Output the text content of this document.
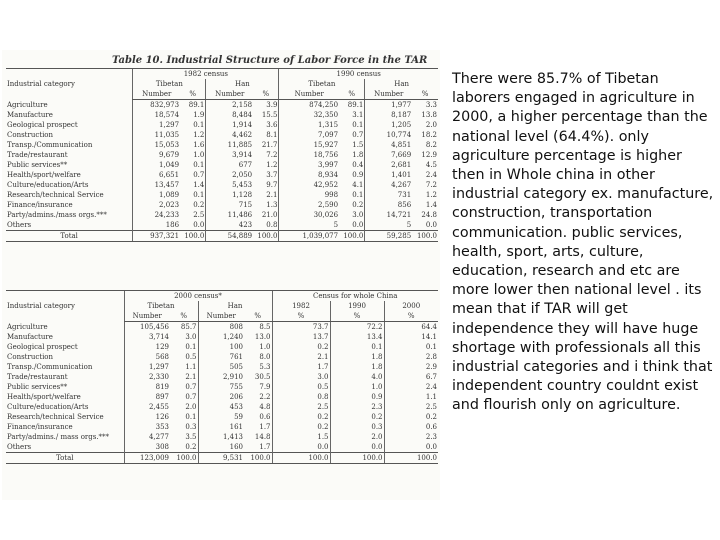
Table 10. Industrial Structure of Labor Force in the TAR
Industrial category	1982 census				1990 census			
	Tibetan		Han		Tibetan		Han	
	Number	%	Number	%	Number	%	Number	%
Agriculture	832,973	89.1	2,158	3.9	874,250	89.1	1,977	3.3
Manufacture	18,574	1.9	8,484	15.5	32,350	3.1	8,187	13.8
Geological prospect	1,297	0.1	1,914	3.6	1,315	0.1	1,205	2.0
Construction	11,035	1.2	4,462	8.1	7,097	0.7	10,774	18.2
Transp./Communication	15,053	1.6	11,885	21.7	15,927	1.5	4,851	8.2
Trade/restaurant	9,679	1.0	3,914	7.2	18,756	1.8	7,669	12.9
Public services**	1,049	0.1	677	1.2	3,997	0.4	2,681	4.5
Health/sport/welfare	6,651	0.7	2,050	3.7	8,934	0.9	1,401	2.4
Culture/education/Arts	13,457	1.4	5,453	9.7	42,952	4.1	4,267	7.2
Research/technical Service	1,089	0.1	1,128	2.1	998	0.1	731	1.2
Finance/insurance	2,023	0.2	715	1.3	2,590	0.2	856	1.4
Party/admins./mass orgs.***	24,233	2.5	11,486	21.0	30,026	3.0	14,721	24.8
Others	186	0.0	423	0.8	5	0.0	5	0.0
Total	937,321	100.0	54,889	100.0	1,039,077	100.0	59,285	100.0
Industrial category	2000 census*				Census for whole China		
	Tibetan		Han		1982	1990	2000
	Number	%	Number	%	%	%	%
Agriculture	105,456	85.7	808	8.5	73.7	72.2	64.4
Manufacture	3,714	3.0	1,240	13.0	13.7	13.4	14.1
Geological prospect	129	0.1	100	1.0	0.2	0.1	0.1
Construction	568	0.5	761	8.0	2.1	1.8	2.8
Transp./Communication	1,297	1.1	505	5.3	1.7	1.8	2.9
Trade/restaurant	2,330	2.1	2,910	30.5	3.0	4.0	6.7
Public services**	819	0.7	755	7.9	0.5	1.0	2.4
Health/sport/welfare	897	0.7	206	2.2	0.8	0.9	1.1
Culture/education/Arts	2,455	2.0	453	4.8	2.5	2.3	2.5
Research/technical Service	126	0.1	59	0.6	0.2	0.2	0.2
Finance/insurance	353	0.3	161	1.7	0.2	0.3	0.6
Party/admins./ mass orgs.***	4,277	3.5	1,413	14.8	1.5	2.0	2.3
Others	308	0.2	160	1.7	0.0	0.0	0.0
Total	123,009	100.0	9,531	100.0	100.0	100.0	100.0
There were 85.7% of Tibetan laborers engaged in agriculture in 2000, a higher percentage than the national level (64.4%). only agriculture percentage is higher then in Whole china in other industrial category ex. manufacture, construction, transportation communication. public services, health, sport, arts, culture, education, research and etc are more lower then national level . its mean that if TAR will get independence they will have huge shortage with professionals all this industrial categories and i think that independent country couldnt exist and flourish only on agriculture.
